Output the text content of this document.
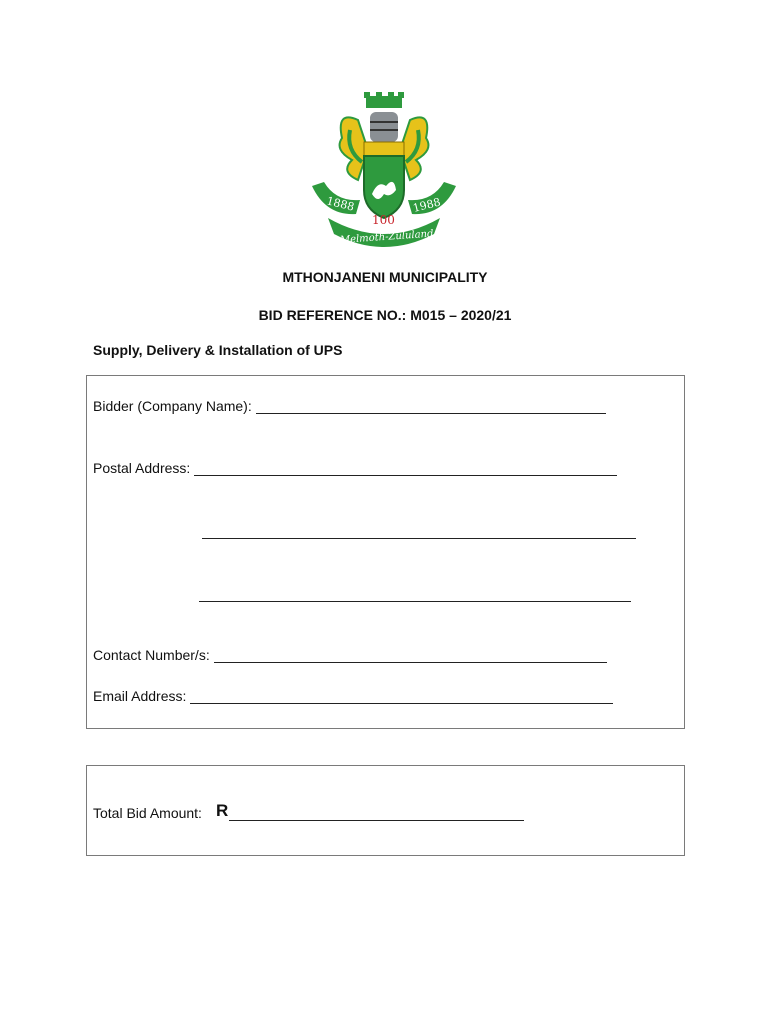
1888	1988
100
Melmoth-Zululand
MTHONJANENI MUNICIPALITY
BID REFERENCE NO.: M015 – 2020/21
Supply, Delivery & Installation of UPS
Bidder (Company Name):
Postal Address:
Contact Number/s:
Email Address:
Total Bid Amount: R
